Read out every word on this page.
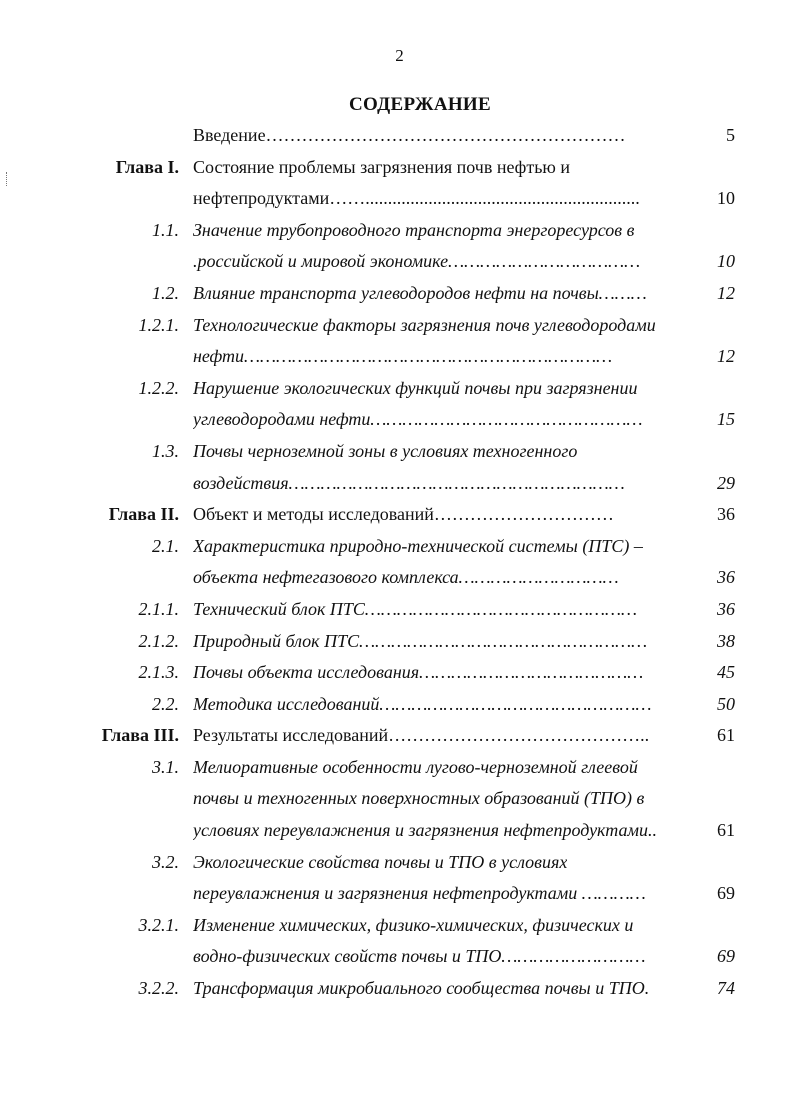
2
СОДЕРЖАНИЕ
Введение……………………………………………………	5
Глава I. Состояние проблемы загрязнения почв нефтью и
нефтепродуктами…….............................................................	10
1.1. Значение трубопроводного транспорта энергоресурсов в
.российской и мировой экономике………………………………	10
1.2. Влияние транспорта углеводородов нефти на почвы………	12
1.2.1. Технологические факторы загрязнения почв углеводородами
нефти……………………………………………………………	12
1.2.2. Нарушение экологических функций почвы при загрязнении
углеводородами нефти……………………………………………	15
1.3. Почвы черноземной зоны в условиях техногенного
воздействия………………………………………………………	29
Глава II. Объект и методы исследований…………………………	36
2.1. Характеристика природно-технической системы (ПТС) –
объекта нефтегазового комплекса…………………………	36
2.1.1. Технический блок ПТС……………………………………………	36
2.1.2. Природный блок ПТС………………………………………………	38
2.1.3. Почвы объекта исследования……………………………………	45
2.2. Методика исследований……………………………………………	50
Глава III. Результаты исследований……………………………………..	61
3.1. Мелиоративные особенности лугово-черноземной глеевой
почвы и техногенных поверхностных образований (ТПО) в
условиях переувлажнения и загрязнения нефтепродуктами..	61
3.2. Экологические свойства почвы и ТПО в условиях
переувлажнения и загрязнения нефтепродуктами …………	69
3.2.1. Изменение химических, физико-химических, физических и
водно-физических свойств почвы и ТПО………………………	69
3.2.2. Трансформация микробиального сообщества почвы и ТПО.	74
